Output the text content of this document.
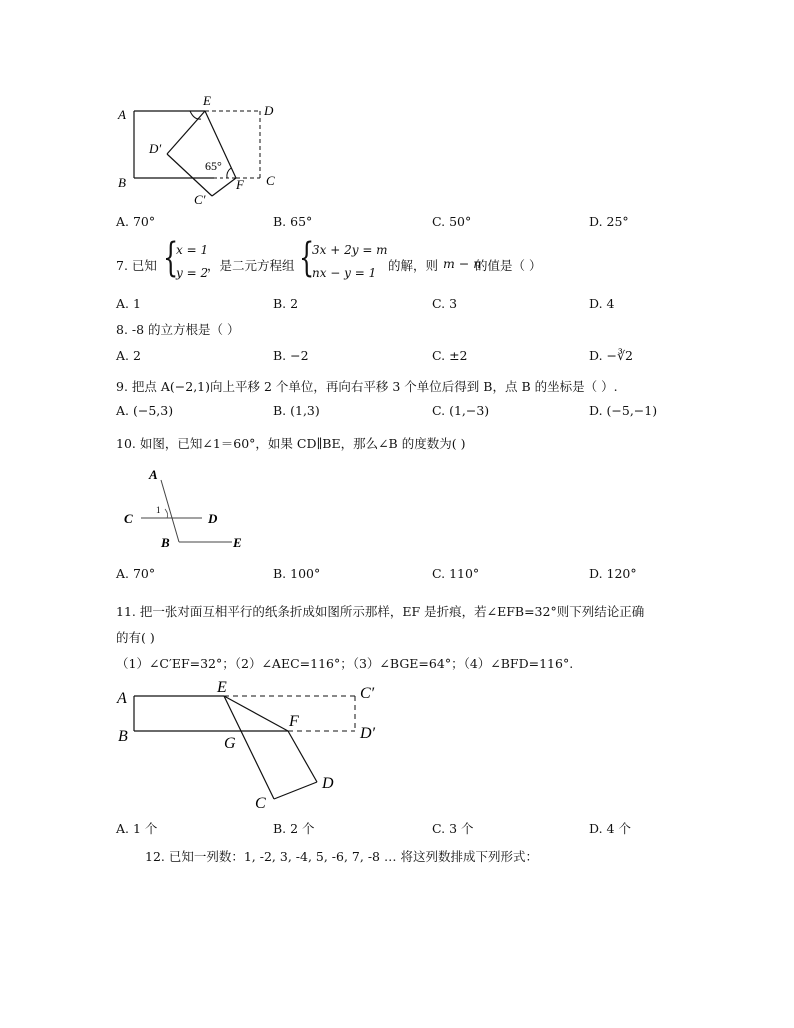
A
E
D
D′
B	C
C′
F
65°
A. 70°	B. 65°	C. 50°	D. 25°
7. 已知 {
x = 1
y = 2
，是二元方程组 {
3x + 2y = m
nx − y = 1 的解，则 m − n
的值是（ ）
A. 1	B. 2	C. 3	D. 4
8. -8 的立方根是（ ）
A. 2	B. −2	C. ±2	D. −∛2
9. 把点 A(−2,1)向上平移 2 个单位，再向右平移 3 个单位后得到 B，点 B 的坐标是（ ）.
A. (−5,3)	B. (1,3)	C. (1,−3)	D. (−5,−1)
10. 如图，已知∠1＝60°，如果 CD∥BE，那么∠B 的度数为( )
A
C	D
1
B	E
A. 70°	B. 100°	C. 110°	D. 120°
11. 把一张对面互相平行的纸条折成如图所示那样，EF 是折痕，若∠EFB=32°则下列结论正确
的有( )
（1）∠C′EF=32°；（2）∠AEC=116°；（3）∠BGE=64°；（4）∠BFD=116°.
A
E	C′
F
B	G
D′
D
C
A. 1 个	B. 2 个	C. 3 个	D. 4 个
12. 已知一列数：1, -2, 3, -4, 5, -6, 7, -8 … 将这列数排成下列形式：
